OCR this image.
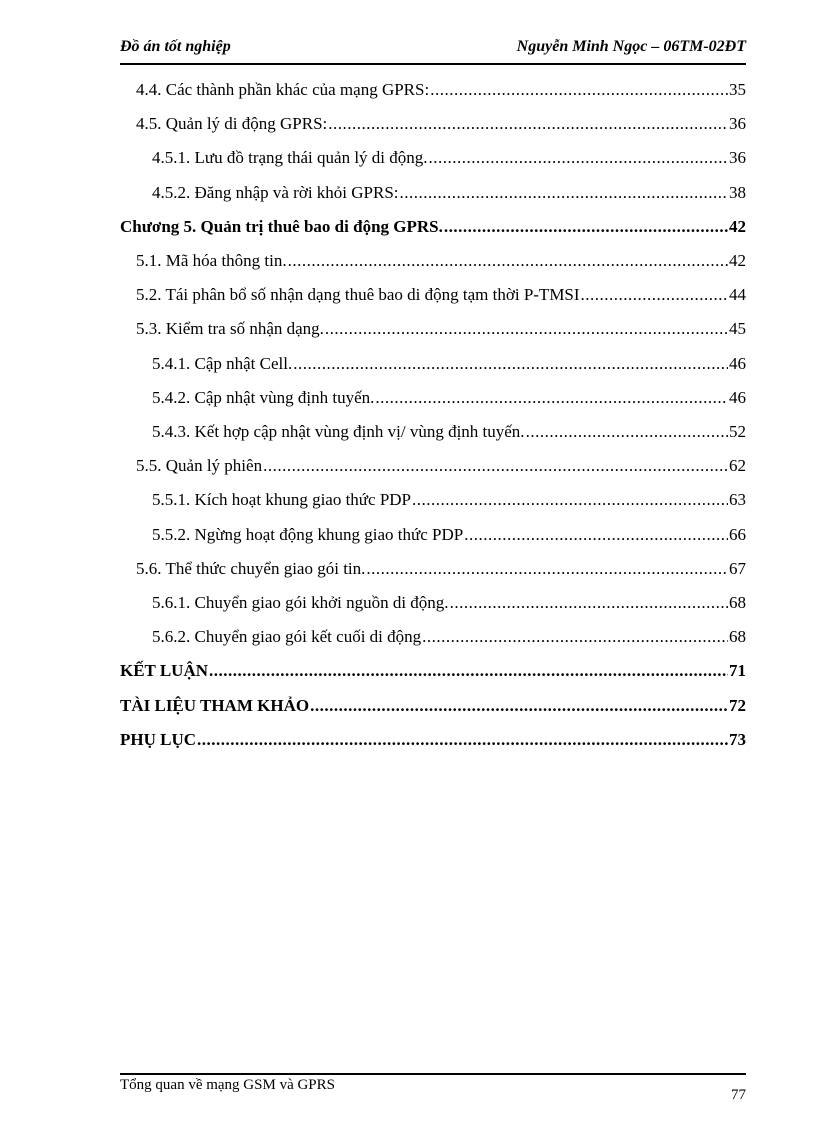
Đồ án tốt nghiệp	Nguyễn Minh Ngọc – 06TM-02ĐT
4.4. Các thành phần khác của mạng GPRS: .....	35
4.5. Quản lý di động GPRS: .....	36
4.5.1. Lưu đồ trạng thái quản lý di động. .....	36
4.5.2. Đăng nhập và rời khỏi GPRS: .....	38
Chương 5. Quản trị thuê bao di động GPRS. .....	42
5.1. Mã hóa thông tin. .....	42
5.2. Tái phân bổ số nhận dạng thuê bao di động tạm thời P-TMSI .....	44
5.3. Kiểm tra số nhận dạng. .....	45
5.4.1. Cập nhật Cell. .....	46
5.4.2. Cập nhật vùng định tuyến. .....	46
5.4.3. Kết hợp cập nhật vùng định vị/ vùng định tuyến. .....	52
5.5. Quản lý phiên .....	62
5.5.1. Kích hoạt khung giao thức PDP .....	63
5.5.2. Ngừng hoạt động khung giao thức PDP .....	66
5.6. Thể thức chuyển giao gói tin. .....	67
5.6.1. Chuyển giao gói khởi nguồn di động. .....	68
5.6.2. Chuyển giao gói kết cuối di động .....	68
KẾT LUẬN .....	71
TÀI LIỆU THAM KHẢO .....	72
PHỤ LỤC .....	73
Tổng quan về mạng GSM và GPRS
77
